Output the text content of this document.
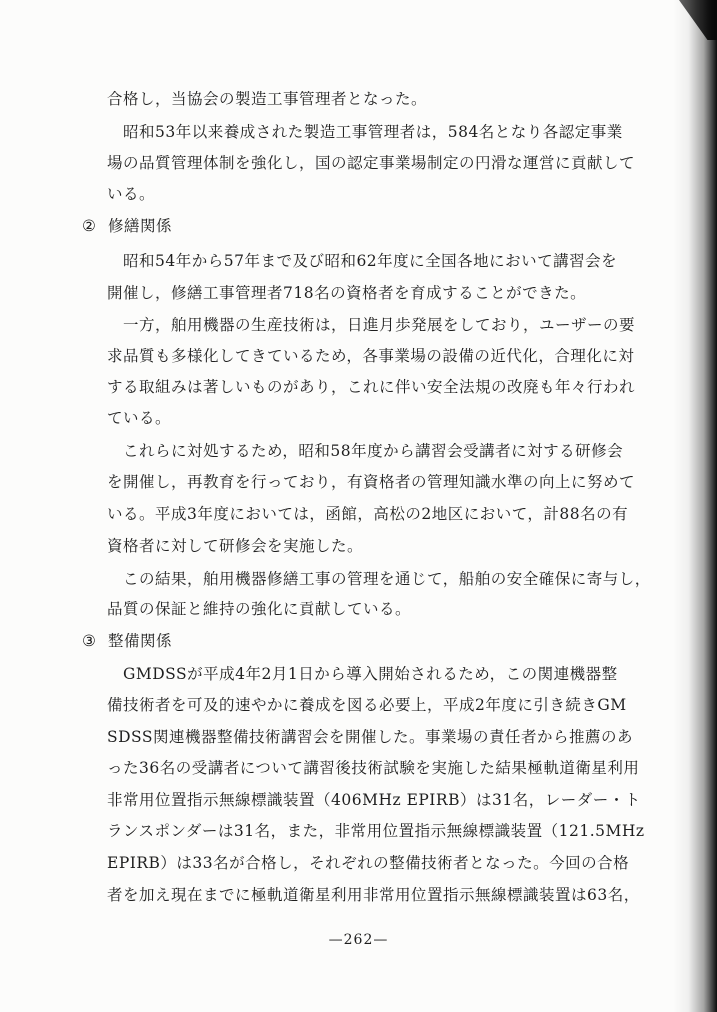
合格し，当協会の製造工事管理者となった。
昭和53年以来養成された製造工事管理者は，584名となり各認定事業
場の品質管理体制を強化し，国の認定事業場制定の円滑な運営に貢献して
いる。
② 修繕関係
昭和54年から57年まで及び昭和62年度に全国各地において講習会を
開催し，修繕工事管理者718名の資格者を育成することができた。
一方，舶用機器の生産技術は，日進月歩発展をしており，ユーザーの要
求品質も多様化してきているため，各事業場の設備の近代化，合理化に対
する取組みは著しいものがあり，これに伴い安全法規の改廃も年々行われ
ている。
これらに対処するため，昭和58年度から講習会受講者に対する研修会
を開催し，再教育を行っており，有資格者の管理知識水準の向上に努めて
いる。平成3年度においては，函館，高松の2地区において，計88名の有
資格者に対して研修会を実施した。
この結果，舶用機器修繕工事の管理を通じて，船舶の安全確保に寄与し，
品質の保証と維持の強化に貢献している。
③ 整備関係
GMDSSが平成4年2月1日から導入開始されるため，この関連機器整
備技術者を可及的速やかに養成を図る必要上，平成2年度に引き続きGM
SDSS関連機器整備技術講習会を開催した。事業場の責任者から推薦のあ
った36名の受講者について講習後技術試験を実施した結果極軌道衛星利用
非常用位置指示無線標識装置（406MHz EPIRB）は31名，レーダー・ト
ランスポンダーは31名，また，非常用位置指示無線標識装置（121.5MHz
EPIRB）は33名が合格し，それぞれの整備技術者となった。今回の合格
者を加え現在までに極軌道衛星利用非常用位置指示無線標識装置は63名，
—262—
